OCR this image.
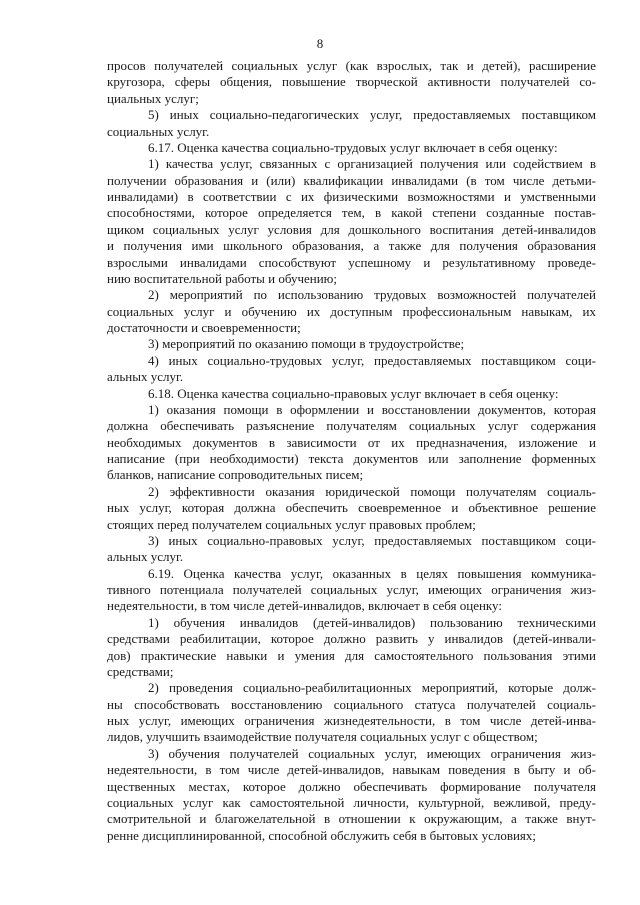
8
просов получателей социальных услуг (как взрослых, так и детей), расширение
кругозора, сферы общения, повышение творческой активности получателей со-
циальных услуг;
5) иных социально-педагогических услуг, предоставляемых поставщиком
социальных услуг.
6.17. Оценка качества социально-трудовых услуг включает в себя оценку:
1) качества услуг, связанных с организацией получения или содействием в
получении образования и (или) квалификации инвалидами (в том числе детьми-
инвалидами) в соответствии с их физическими возможностями и умственными
способностями, которое определяется тем, в какой степени созданные постав-
щиком социальных услуг условия для дошкольного воспитания детей-инвалидов
и получения ими школьного образования, а также для получения образования
взрослыми инвалидами способствуют успешному и результативному проведе-
нию воспитательной работы и обучению;
2) мероприятий по использованию трудовых возможностей получателей
социальных услуг и обучению их доступным профессиональным навыкам, их
достаточности и своевременности;
3) мероприятий по оказанию помощи в трудоустройстве;
4) иных социально-трудовых услуг, предоставляемых поставщиком соци-
альных услуг.
6.18. Оценка качества социально-правовых услуг включает в себя оценку:
1) оказания помощи в оформлении и восстановлении документов, которая
должна обеспечивать разъяснение получателям социальных услуг содержания
необходимых документов в зависимости от их предназначения, изложение и
написание (при необходимости) текста документов или заполнение форменных
бланков, написание сопроводительных писем;
2) эффективности оказания юридической помощи получателям социаль-
ных услуг, которая должна обеспечить своевременное и объективное решение
стоящих перед получателем социальных услуг правовых проблем;
3) иных социально-правовых услуг, предоставляемых поставщиком соци-
альных услуг.
6.19. Оценка качества услуг, оказанных в целях повышения коммуника-
тивного потенциала получателей социальных услуг, имеющих ограничения жиз-
недеятельности, в том числе детей-инвалидов, включает в себя оценку:
1) обучения инвалидов (детей-инвалидов) пользованию техническими
средствами реабилитации, которое должно развить у инвалидов (детей-инвали-
дов) практические навыки и умения для самостоятельного пользования этими
средствами;
2) проведения социально-реабилитационных мероприятий, которые долж-
ны способствовать восстановлению социального статуса получателей социаль-
ных услуг, имеющих ограничения жизнедеятельности, в том числе детей-инва-
лидов, улучшить взаимодействие получателя социальных услуг с обществом;
3) обучения получателей социальных услуг, имеющих ограничения жиз-
недеятельности, в том числе детей-инвалидов, навыкам поведения в быту и об-
щественных местах, которое должно обеспечивать формирование получателя
социальных услуг как самостоятельной личности, культурной, вежливой, преду-
смотрительной и благожелательной в отношении к окружающим, а также внут-
ренне дисциплинированной, способной обслужить себя в бытовых условиях;
